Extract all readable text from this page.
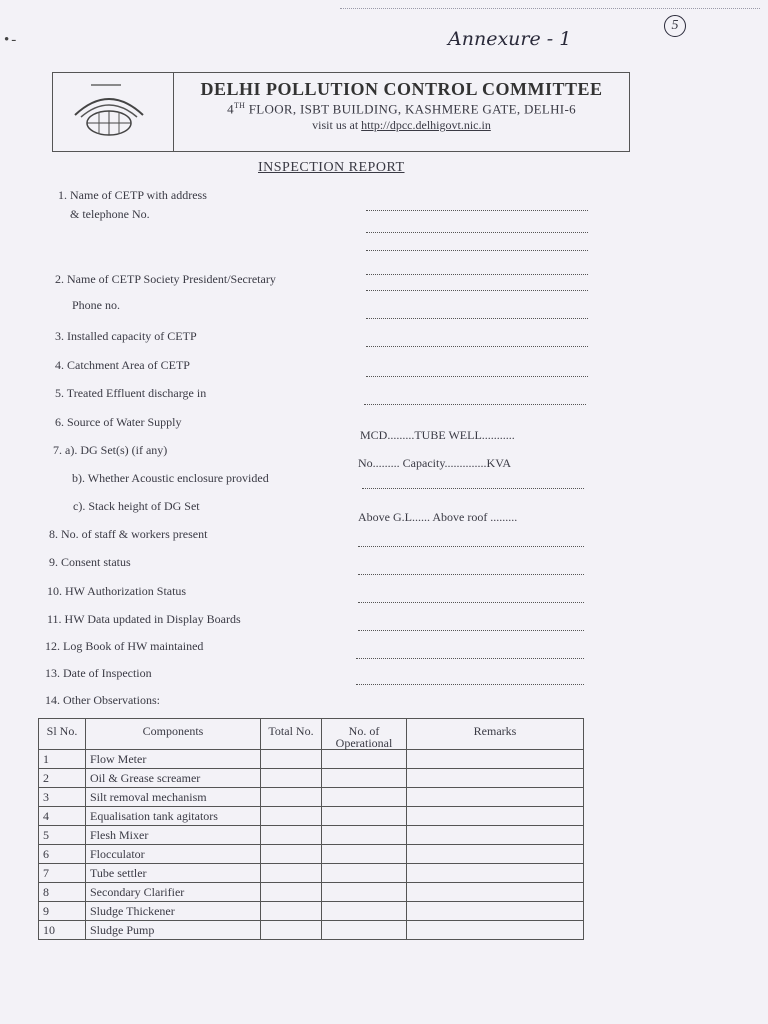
•-	Annexure - 1
5
DELHI POLLUTION CONTROL COMMITTEE
4TH FLOOR, ISBT BUILDING, KASHMERE GATE, DELHI-6
visit us at http://dpcc.delhigovt.nic.in
INSPECTION REPORT
1. Name of CETP with address
& telephone No.
2. Name of CETP Society President/Secretary
Phone no.
3. Installed capacity of CETP
4. Catchment Area of CETP
5. Treated Effluent discharge in
6. Source of Water Supply
MCD.........TUBE WELL...........
7. a). DG Set(s) (if any)
No......... Capacity..............KVA
b). Whether Acoustic enclosure provided
c). Stack height of DG Set
Above G.L...... Above roof .........
8. No. of staff & workers present
9. Consent status
10. HW Authorization Status
11. HW Data updated in Display Boards
12. Log Book of HW maintained
13. Date of Inspection
14. Other Observations:
Sl No.	Components	Total No.	No. of Operational	Remarks
1	Flow Meter			
2	Oil & Grease screamer			
3	Silt removal mechanism			
4	Equalisation tank agitators			
5	Flesh Mixer			
6	Flocculator			
7	Tube settler			
8	Secondary Clarifier			
9	Sludge Thickener			
10	Sludge Pump			
